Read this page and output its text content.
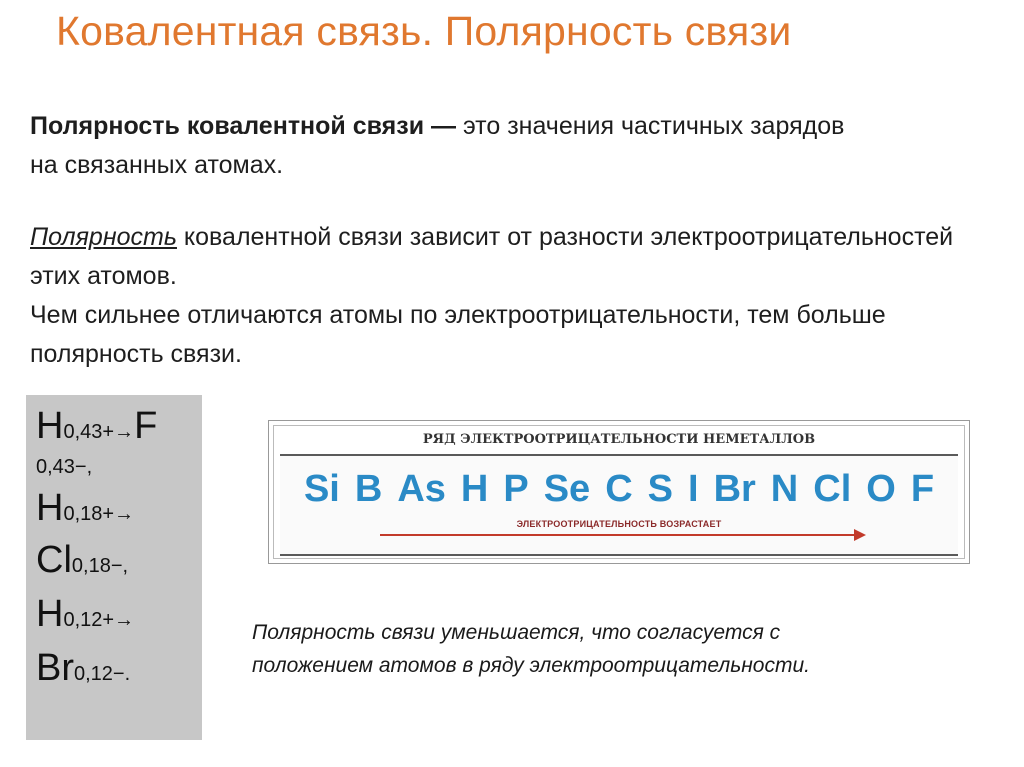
Ковалентная связь. Полярность связи
Полярность ковалентной связи — это значения частичных зарядов на связанных атомах.
Полярность ковалентной связи зависит от разности электроотрицательностей этих атомов.
Чем сильнее отличаются атомы по электроотрицательности, тем больше полярность связи.
H0,43+→F
0,43−,
H0,18+→
Cl0,18−,
H0,12+→
Br0,12−.
РЯД ЭЛЕКТРООТРИЦАТЕЛЬНОСТИ НЕМЕТАЛЛОВ
Si B As H P Se C S I Br N Cl O F
ЭЛЕКТРООТРИЦАТЕЛЬНОСТЬ ВОЗРАСТАЕТ
Полярность связи уменьшается, что согласуется с положением атомов в ряду электроотрицательности.
